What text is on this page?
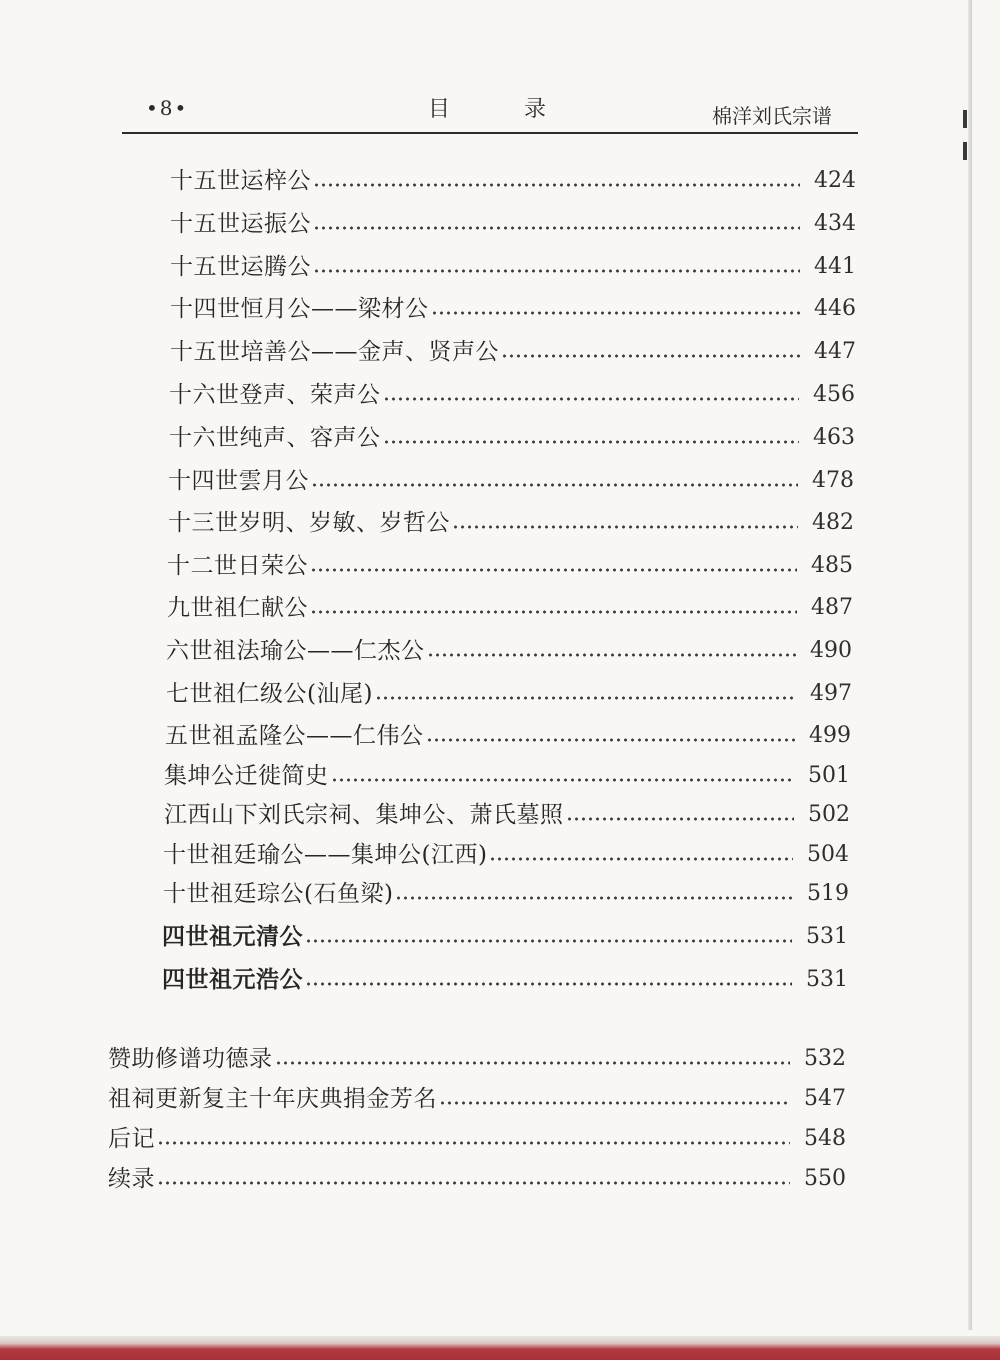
•8•	目录	棉洋刘氏宗谱
十五世运梓公	424
十五世运振公	434
十五世运腾公	441
十四世恒月公——梁材公	446
十五世培善公——金声、贤声公	447
十六世登声、荣声公	456
十六世纯声、容声公	463
十四世雲月公	478
十三世岁明、岁敏、岁哲公	482
十二世日荣公	485
九世祖仁献公	487
六世祖法瑜公——仁杰公	490
七世祖仁级公(汕尾)	497
五世祖孟隆公——仁伟公	499
集坤公迁徙简史	501
江西山下刘氏宗祠、集坤公、萧氏墓照	502
十世祖廷瑜公——集坤公(江西)	504
十世祖廷琮公(石鱼梁)	519
四世祖元清公	531
四世祖元浩公	531
赞助修谱功德录	532
祖祠更新复主十年庆典捐金芳名	547
后记	548
续录	550
